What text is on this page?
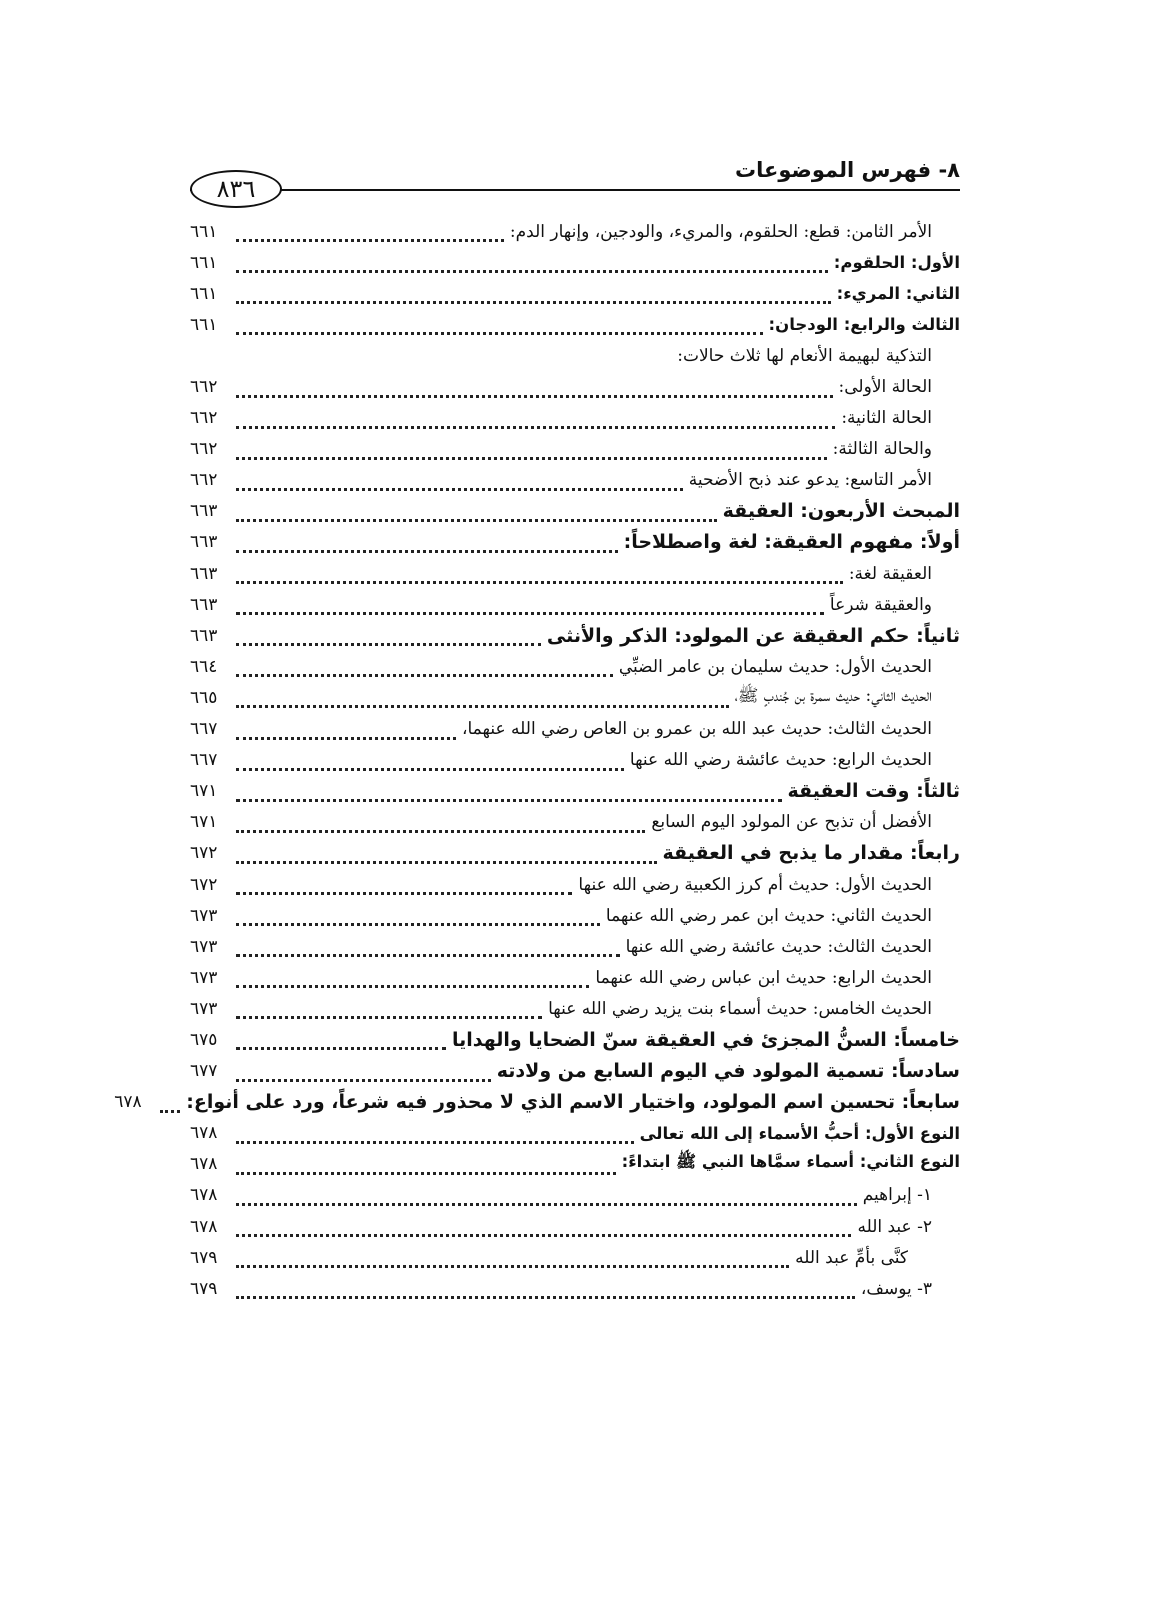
٨- فهرس الموضوعات
٨٣٦
الأمر الثامن: قطع: الحلقوم، والمريء، والودجين، وإنهار الدم:
٦٦١
الأول: الحلقوم:
٦٦١
الثاني: المريء:
٦٦١
الثالث والرابع: الودجان:
٦٦١
التذكية لبهيمة الأنعام لها ثلاث حالات:
الحالة الأولى:
٦٦٢
الحالة الثانية:
٦٦٢
والحالة الثالثة:
٦٦٢
الأمر التاسع: يدعو عند ذبح الأضحية
٦٦٢
المبحث الأربعون: العقيقة
٦٦٣
أولاً: مفهوم العقيقة: لغة واصطلاحاً:
٦٦٣
العقيقة لغة:
٦٦٣
والعقيقة شرعاً
٦٦٣
ثانياً: حكم العقيقة عن المولود: الذكر والأنثى
٦٦٣
الحديث الأول: حديث سليمان بن عامر الضبِّي
٦٦٤
الحديث الثاني: حديث سمرة بن جُندبٍ ﷺ،
٦٦٥
الحديث الثالث: حديث عبد الله بن عمرو بن العاص رضي الله عنهما،
٦٦٧
الحديث الرابع: حديث عائشة رضي الله عنها
٦٦٧
ثالثاً: وقت العقيقة
٦٧١
الأفضل أن تذبح عن المولود اليوم السابع
٦٧١
رابعاً: مقدار ما يذبح في العقيقة
٦٧٢
الحديث الأول: حديث أم كرز الكعبية رضي الله عنها
٦٧٢
الحديث الثاني: حديث ابن عمر رضي الله عنهما
٦٧٣
الحديث الثالث: حديث عائشة رضي الله عنها
٦٧٣
الحديث الرابع: حديث ابن عباس رضي الله عنهما
٦٧٣
الحديث الخامس: حديث أسماء بنت يزيد رضي الله عنها
٦٧٣
خامساً: السنُّ المجزئ في العقيقة سنّ الضحايا والهدايا
٦٧٥
سادساً: تسمية المولود في اليوم السابع من ولادته
٦٧٧
سابعاً: تحسين اسم المولود، واختيار الاسم الذي لا محذور فيه شرعاً، ورد على أنواع:
٦٧٨
النوع الأول: أحبُّ الأسماء إلى الله تعالى
٦٧٨
النوع الثاني: أسماء سمَّاها النبي ﷺ ابتداءً:
٦٧٨
١- إبراهيم
٦٧٨
٢- عبد الله
٦٧٨
كنَّى بأمِّ عبد الله
٦٧٩
٣- يوسف،
٦٧٩
